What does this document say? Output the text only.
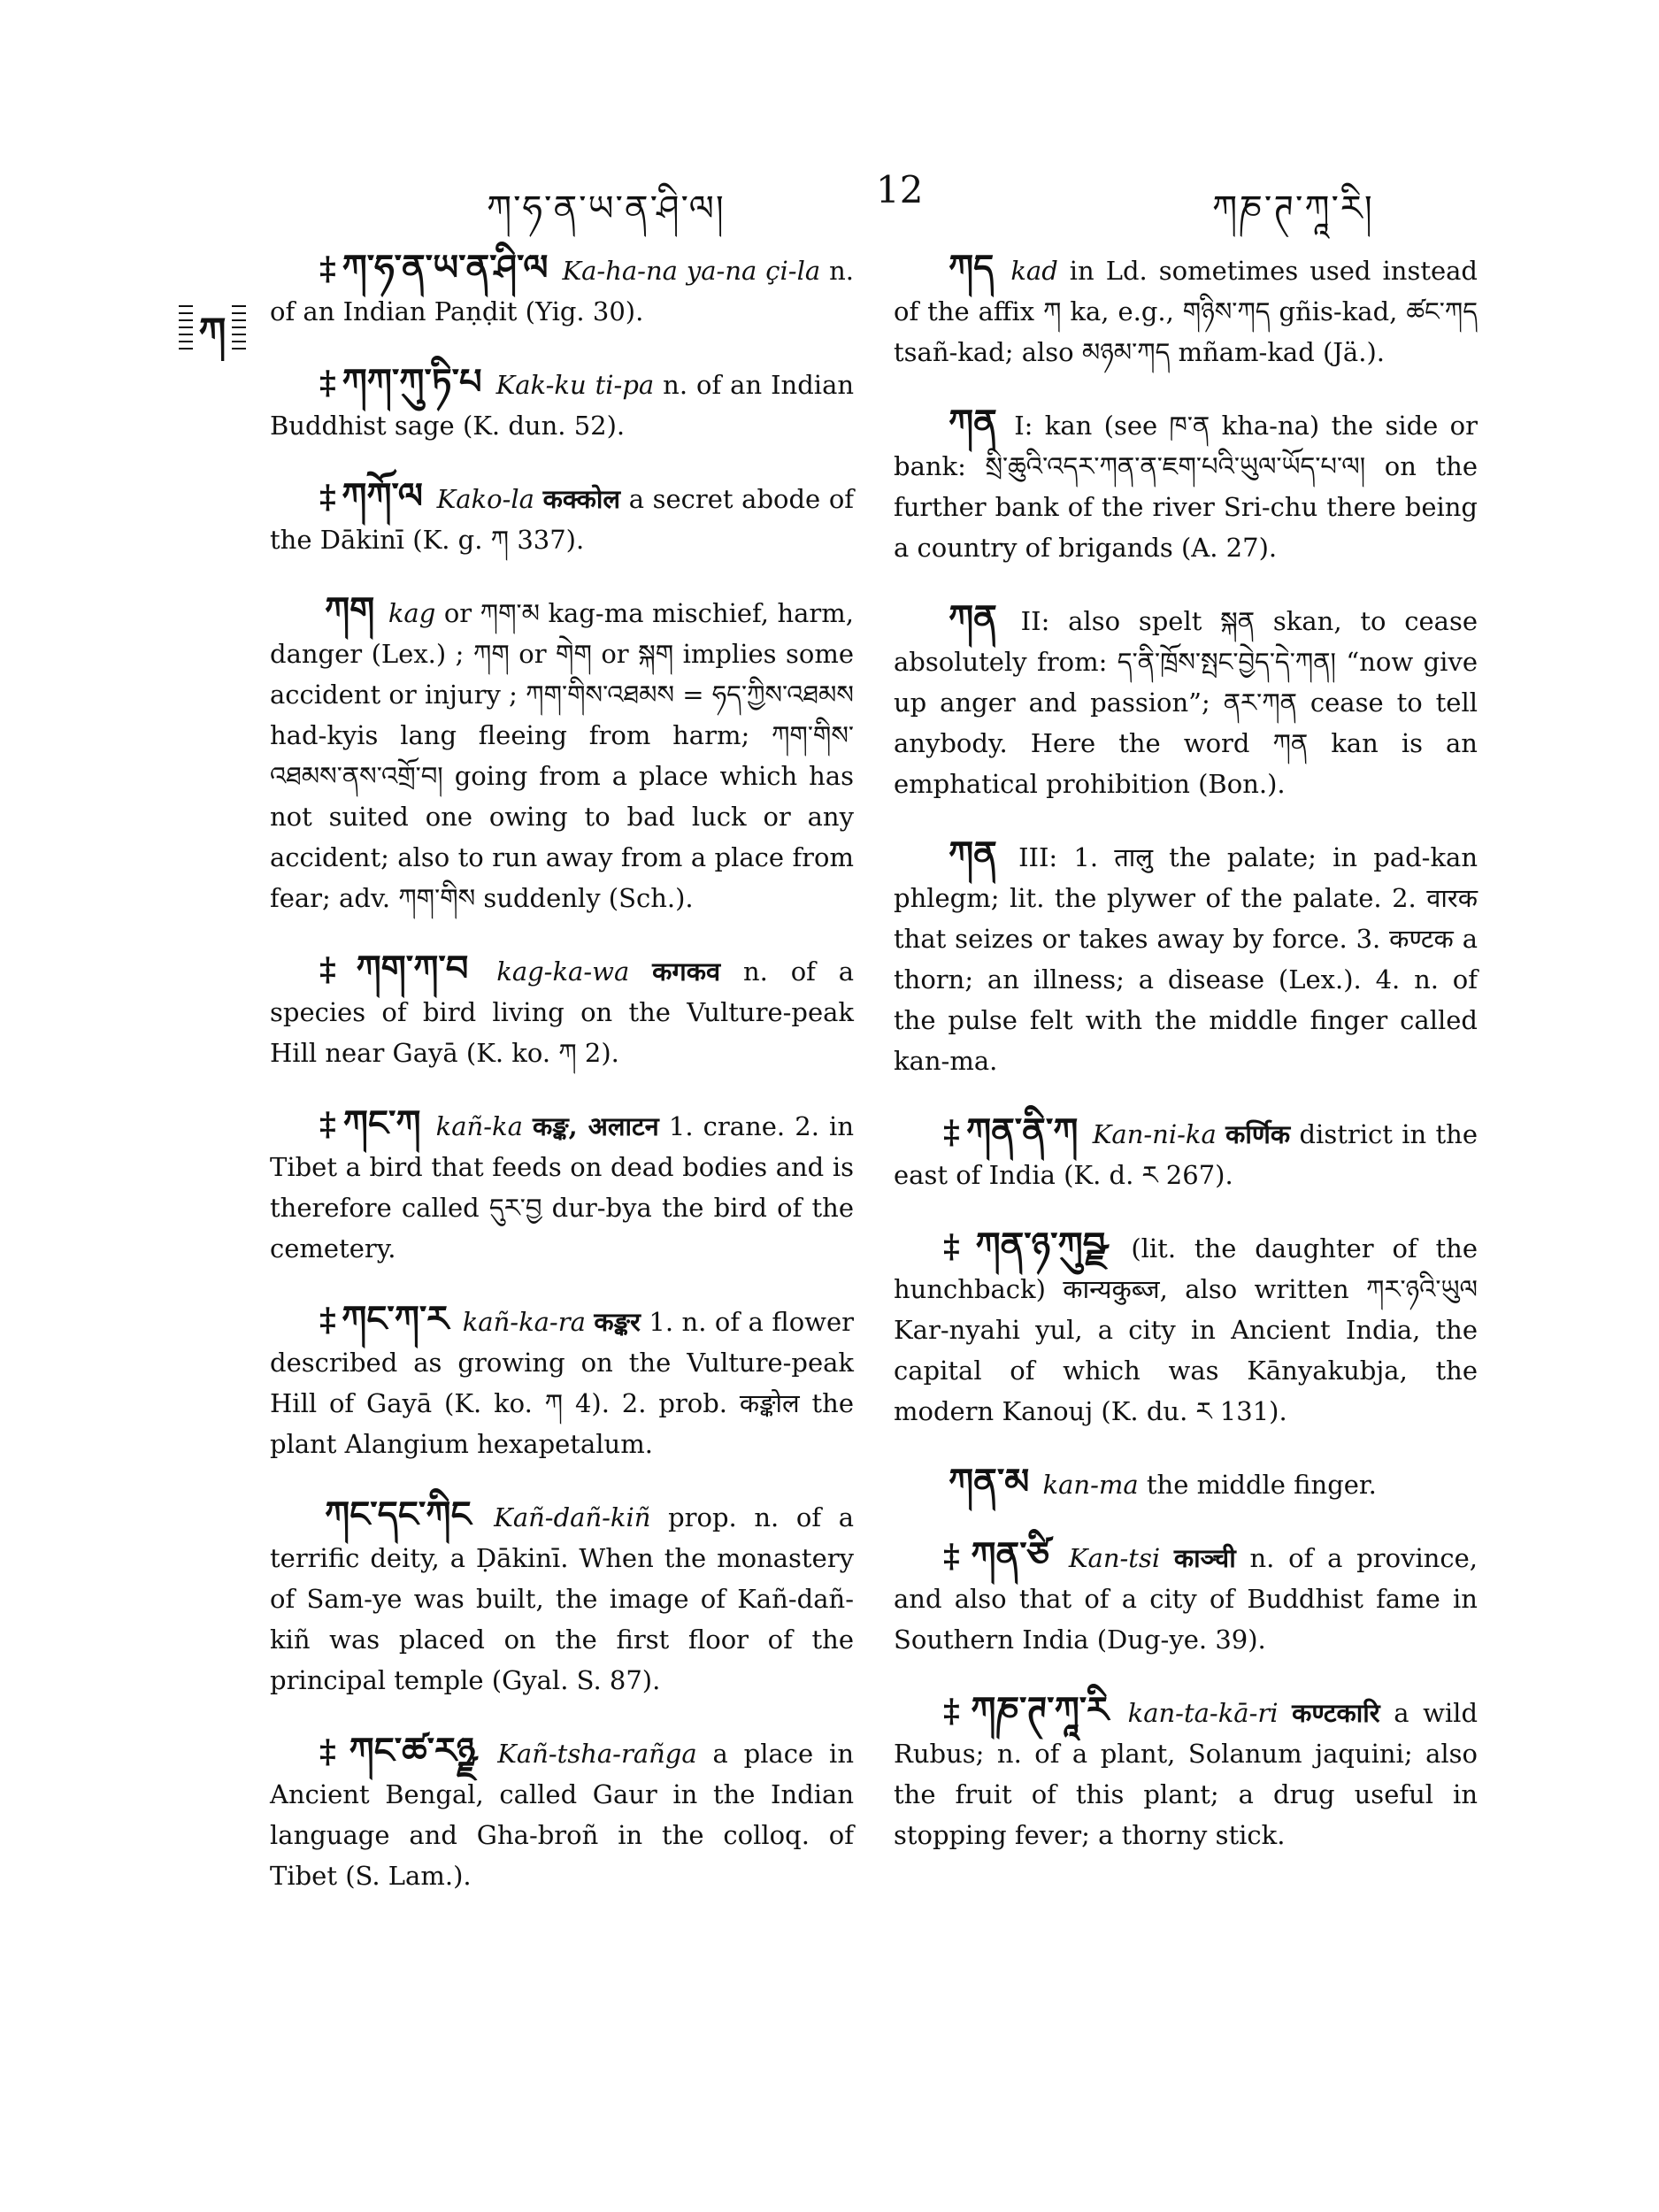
ཀ་ཧ་ན་ཡ་ན་ཤི་ལ།	12	ཀཎ་ཊ་ཀཱ་རི།
ཀ
‡ ཀ་ཧ་ན་ཡ་ན་ཤི་ལ Ka-ha-na ya-na çi-la n. of an Indian Paṇḍit (Yig. 30).
‡ ཀཀ་ཀུ་ཏི་པ Kak-ku ti-pa n. of an Indian Buddhist sage (K. dun. 52).
‡ ཀཀོ་ལ Kako-la कक्कोल a secret abode of the Dākinī (K. g. ཀ 337).
ཀག kag or ཀག་མ kag-ma mischief, harm, danger (Lex.) ; ཀག or གེག or སྐག implies some accident or injury ; ཀག་གིས་འཐམས = ཧད་ཀྱིས་འཐམས had-kyis lang fleeing from harm; ཀག་གིས་འཐམས་ནས་འགྲོ་བ། going from a place which has not suited one owing to bad luck or any accident; also to run away from a place from fear; adv. ཀག་གིས suddenly (Sch.).
‡ ཀག་ཀ་བ kag-ka-wa कगकव n. of a species of bird living on the Vulture-peak Hill near Gayā (K. ko. ཀ 2).
‡ ཀང་ཀ kañ-ka कङ्क, अलाटन 1. crane. 2. in Tibet a bird that feeds on dead bodies and is therefore called དུར་བྱ dur-bya the bird of the cemetery.
‡ ཀང་ཀ་ར kañ-ka-ra कङ्कर 1. n. of a flower described as growing on the Vulture-peak Hill of Gayā (K. ko. ཀ 4). 2. prob. कङ्कोल the plant Alangium hexapetalum.
ཀང་དང་ཀིང Kañ-dañ-kiñ prop. n. of a terrific deity, a Ḍākinī. When the monastery of Sam-ye was built, the image of Kañ-dañ-kiñ was placed on the first floor of the principal temple (Gyal. S. 87).
‡ ཀང་ཚ་རཉྫ Kañ-tsha-rañga a place in Ancient Bengal, called Gaur in the Indian language and Gha-broñ in the colloq. of Tibet (S. Lam.).
ཀད kad in Ld. sometimes used instead of the affix ཀ ka, e.g., གཉིས་ཀད gñis-kad, ཚང་ཀད tsañ-kad; also མཉམ་ཀད mñam-kad (Jä.).
ཀན I: kan (see ཁ་ན kha-na) the side or bank: སྲི་ཆུའི་འདར་ཀན་ན་ཇག་པའི་ཡུལ་ཡོད་པ་ལ། on the further bank of the river Sri-chu there being a country of brigands (A. 27).
ཀན II: also spelt སྐན skan, to cease absolutely from: ད་ནི་ཁྲོས་སྤང་བྱེད་དེ་ཀན། “now give up anger and passion”; ནར་ཀན cease to tell anybody. Here the word ཀན kan is an emphatical prohibition (Bon.).
ཀན III: 1. तालु the palate; in pad-kan phlegm; lit. the plywer of the palate. 2. वारक that seizes or takes away by force. 3. कण्टक a thorn; an illness; a disease (Lex.). 4. n. of the pulse felt with the middle finger called kan-ma.
‡ ཀན་ནི་ཀ Kan-ni-ka कर्णिक district in the east of India (K. d. ར 267).
‡ ཀན་ཉ་ཀུབྫ (lit. the daughter of the hunchback) कान्यकुब्ज, also written ཀར་ཉའི་ཡུལ Kar-nyahi yul, a city in Ancient India, the capital of which was Kānyakubja, the modern Kanouj (K. du. ར 131).
ཀན་མ kan-ma the middle finger.
‡ ཀན་ཙི Kan-tsi काञ्ची n. of a province, and also that of a city of Buddhist fame in Southern India (Dug-ye. 39).
‡ ཀཎ་ཊ་ཀཱ་རི kan-ta-kā-ri कण्टकारि a wild Rubus; n. of a plant, Solanum jaquini; also the fruit of this plant; a drug useful in stopping fever; a thorny stick.
